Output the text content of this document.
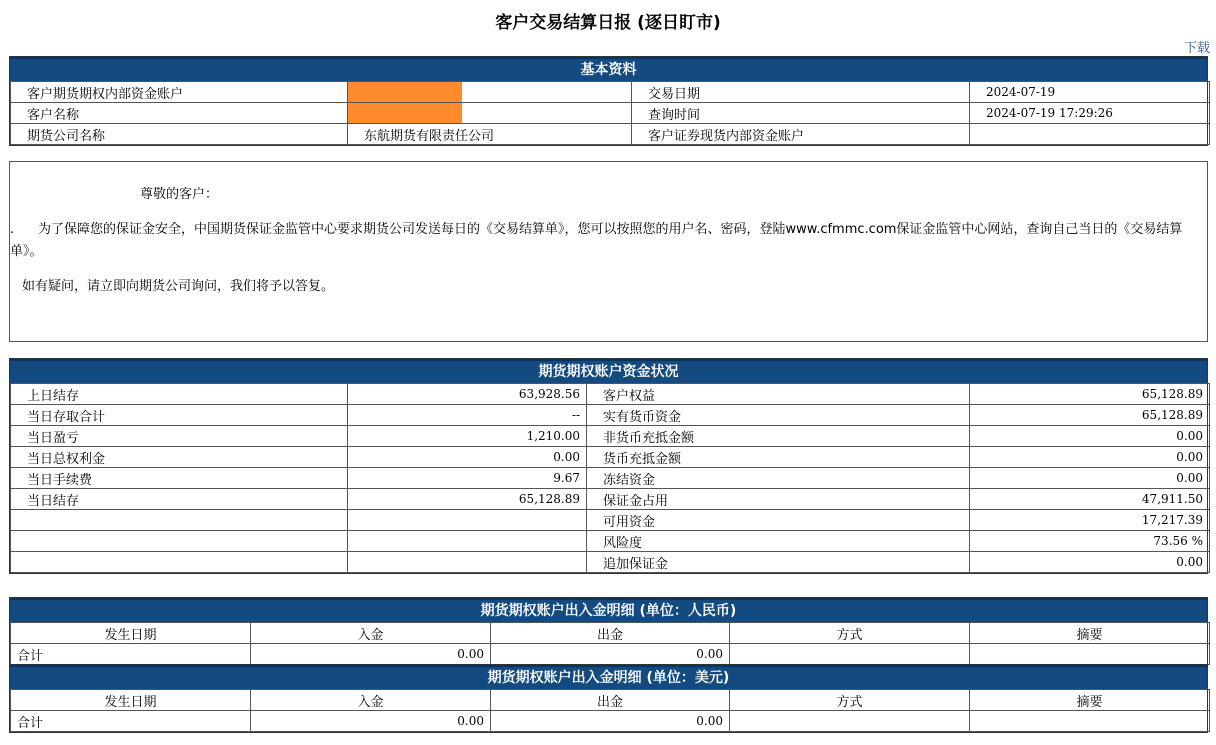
客户交易结算日报 (逐日盯市)
下载
基本资料
客户期货期权内部资金账户		交易日期	2024-07-19
客户名称		查询时间	2024-07-19 17:29:26
期货公司名称	东航期货有限责任公司	客户证券现货内部资金账户	
尊敬的客户：
. 为了保障您的保证金安全，中国期货保证金监管中心要求期货公司发送每日的《交易结算单》，您可以按照您的用户名、密码，登陆www.cfmmc.com保证金监管中心网站，查询自己当日的《交易结算单》。
如有疑问，请立即向期货公司询问，我们将予以答复。
期货期权账户资金状况
上日结存	63,928.56	客户权益	65,128.89
当日存取合计	--	实有货币资金	65,128.89
当日盈亏	1,210.00	非货币充抵金额	0.00
当日总权利金	0.00	货币充抵金额	0.00
当日手续费	9.67	冻结资金	0.00
当日结存	65,128.89	保证金占用	47,911.50
		可用资金	17,217.39
		风险度	73.56 %
		追加保证金	0.00
期货期权账户出入金明细 (单位：人民币)
发生日期	入金	出金	方式	摘要
合计	0.00	0.00		
期货期权账户出入金明细 (单位：美元)
发生日期	入金	出金	方式	摘要
合计	0.00	0.00		
